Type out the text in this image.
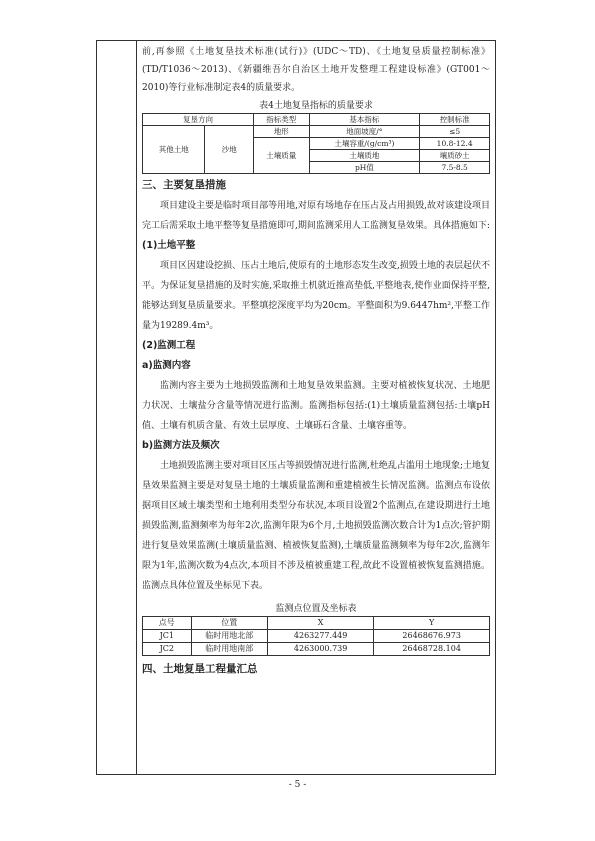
前,再参照《土地复垦技术标准(试行)》(UDC～TD)、《土地复垦质量控制标准》(TD/T1036～2013)、《新疆维吾尔自治区土地开发整理工程建设标准》(GT001～2010)等行业标准制定表4的质量要求。

表4土地复垦指标的质量要求
复垦方向		指标类型	基本指标	控制标准
其他土地	沙地	地形	地面坡度/°	≤5
		土壤质量	土壤容重/(g/cm³)	10.8-12.4
			土壤质地	壤质砂土
			pH值	7.5-8.5
三、主要复垦措施

项目建设主要是临时项目部等用地,对原有场地存在压占及占用损毁,故对该建设项目完工后需采取土地平整等复垦措施即可,期间监测采用人工监测复垦效果。具体措施如下:

(1)土地平整

项目区因建设挖损、压占土地后,使原有的土地形态发生改变,损毁土地的表层起伏不平。为保证复垦措施的及时实施,采取推土机就近推高垫低,平整地表,使作业面保持平整,能够达到复垦质量要求。平整填挖深度平均为20cm。平整面积为9.6447hm²,平整工作量为19289.4m³。

(2)监测工程
a)监测内容

监测内容主要为土地损毁监测和土地复垦效果监测。主要对植被恢复状况、土地肥力状况、土壤盐分含量等情况进行监测。监测指标包括:(1)土壤质量监测包括:土壤pH值、土壤有机质含量、有效土层厚度、土壤砾石含量、土壤容重等。

b)监测方法及频次

土地损毁监测主要对项目区压占等损毁情况进行监测,杜绝乱占滥用土地现象;土地复垦效果监测主要是对复垦土地的土壤质量监测和重建植被生长情况监测。监测点布设依据项目区域土壤类型和土地利用类型分布状况,本项目设置2个监测点,在建设期进行土地损毁监测,监测频率为每年2次,监测年限为6个月,土地损毁监测次数合计为1点次;管护期进行复垦效果监测(土壤质量监测、植被恢复监测),土壤质量监测频率为每年2次,监测年限为1年,监测次数为4点次,本项目不涉及植被重建工程,故此不设置植被恢复监测措施。监测点具体位置及坐标见下表。

监测点位置及坐标表
点号	位置	X	Y
JC1	临时用地北部	4263277.449	26468676.973
JC2	临时用地南部	4263000.739	26468728.104
四、土地复垦工程量汇总
- 5 -
